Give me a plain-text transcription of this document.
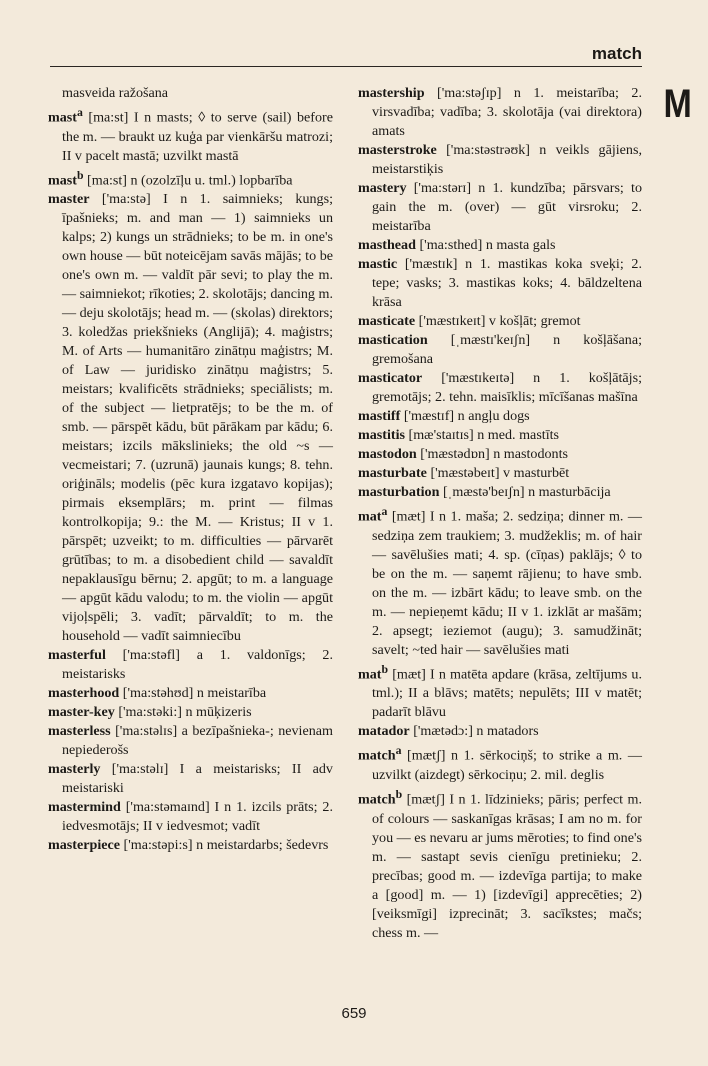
match
M

masveida ražošana

mast$^a$ [ma:st] I n masts; ◊ to serve (sail) before the m. — braukt uz kuģa par vienkāršu matrozi; II v pacelt mastā; uzvilkt mastā

mast$^b$ [ma:st] n (ozolzīļu u. tml.) lopbarība

master ['ma:stə] I n 1. saimnieks; kungs; īpašnieks; m. and man — 1) saimnieks un kalps; 2) kungs un strādnieks; to be m. in one's own house — būt noteicējam savās mājās; to be one's own m. — valdīt pār sevi; to play the m. — saimniekot; rīkoties; 2. skolotājs; dancing m. — deju skolotājs; head m. — (skolas) direktors; 3. koledžas priekšnieks (Anglijā); 4. maģistrs; M. of Arts — humanitāro zinātņu maģistrs; M. of Law — juridisko zinātņu maģistrs; 5. meistars; kvalificēts strādnieks; speciālists; m. of the subject — lietpratējs; to be the m. of smb. — pārspēt kādu, būt pārākam par kādu; 6. meistars; izcils mākslinieks; the old ~s — vecmeistari; 7. (uzrunā) jaunais kungs; 8. tehn. oriģināls; modelis (pēc kura izgatavo kopijas); pirmais eksemplārs; m. print — filmas kontrolkopija; 9.: the M. — Kristus; II v 1. pārspēt; uzveikt; to m. difficulties — pārvarēt grūtības; to m. a disobedient child — savaldīt nepaklausīgu bērnu; 2. apgūt; to m. a language — apgūt kādu valodu; to m. the violin — apgūt vijoļspēli; 3. vadīt; pārvaldīt; to m. the household — vadīt saimniecību

masterful ['ma:stəfl] a 1. valdonīgs; 2. meistarisks

masterhood ['ma:stəhʊd] n meistarība

master-key ['ma:stəki:] n mūķizeris

masterless ['ma:stəlɪs] a bezīpašnieka-; nevienam nepiederošs

masterly ['ma:stəlɪ] I a meistarisks; II adv meistariski

mastermind ['ma:stəmaɪnd] I n 1. izcils prāts; 2. iedvesmotājs; II v iedvesmot; vadīt

masterpiece ['ma:stəpi:s] n meistardarbs; šedevrs

mastership ['ma:stəʃɪp] n 1. meistarība; 2. virsvadība; vadība; 3. skolotāja (vai direktora) amats

masterstroke ['ma:stəstrəʊk] n veikls gājiens, meistarstiķis

mastery ['ma:stərɪ] n 1. kundzība; pārsvars; to gain the m. (over) — gūt virsroku; 2. meistarība

masthead ['ma:sthed] n masta gals

mastic ['mæstɪk] n 1. mastikas koka sveķi; 2. tepe; vasks; 3. mastikas koks; 4. bāldzeltena krāsa

masticate ['mæstɪkeɪt] v košļāt; gremot

mastication [ˌmæstɪ'keɪʃn] n košļāšana; gremošana

masticator ['mæstɪkeɪtə] n 1. košļātājs; gremotājs; 2. tehn. maisīklis; mīcīšanas mašīna

mastiff ['mæstɪf] n angļu dogs

mastitis [mæ'staɪtɪs] n med. mastīts

mastodon ['mæstədɒn] n mastodonts

masturbate ['mæstəbeɪt] v masturbēt

masturbation [ˌmæstə'beɪʃn] n masturbācija

mat$^a$ [mæt] I n 1. maša; 2. sedziņa; dinner m. — sedziņa zem traukiem; 3. mudžeklis; m. of hair — savēlušies mati; 4. sp. (cīņas) paklājs; ◊ to be on the m. — saņemt rājienu; to have smb. on the m. — izbārt kādu; to leave smb. on the m. — nepieņemt kādu; II v 1. izklāt ar mašām; 2. apsegt; ieziemot (augu); 3. samudžināt; savelt; ~ted hair — savēlušies mati

mat$^b$ [mæt] I n matēta apdare (krāsa, zeltījums u. tml.); II a blāvs; matēts; nepulēts; III v matēt; padarīt blāvu

matador ['mætədɔ:] n matadors

match$^a$ [mætʃ] n 1. sērkociņš; to strike a m. — uzvilkt (aizdegt) sērkociņu; 2. mil. deglis

match$^b$ [mætʃ] I n 1. līdzinieks; pāris; perfect m. of colours — saskanīgas krāsas; I am no m. for you — es nevaru ar jums mēroties; to find one's m. — sastapt sevis cienīgu pretinieku; 2. precības; good m. — izdevīga partija; to make a [good] m. — 1) [izdevīgi] apprecēties; 2) [veiksmīgi] izprecināt; 3. sacīkstes; mačs; chess m. —

659
